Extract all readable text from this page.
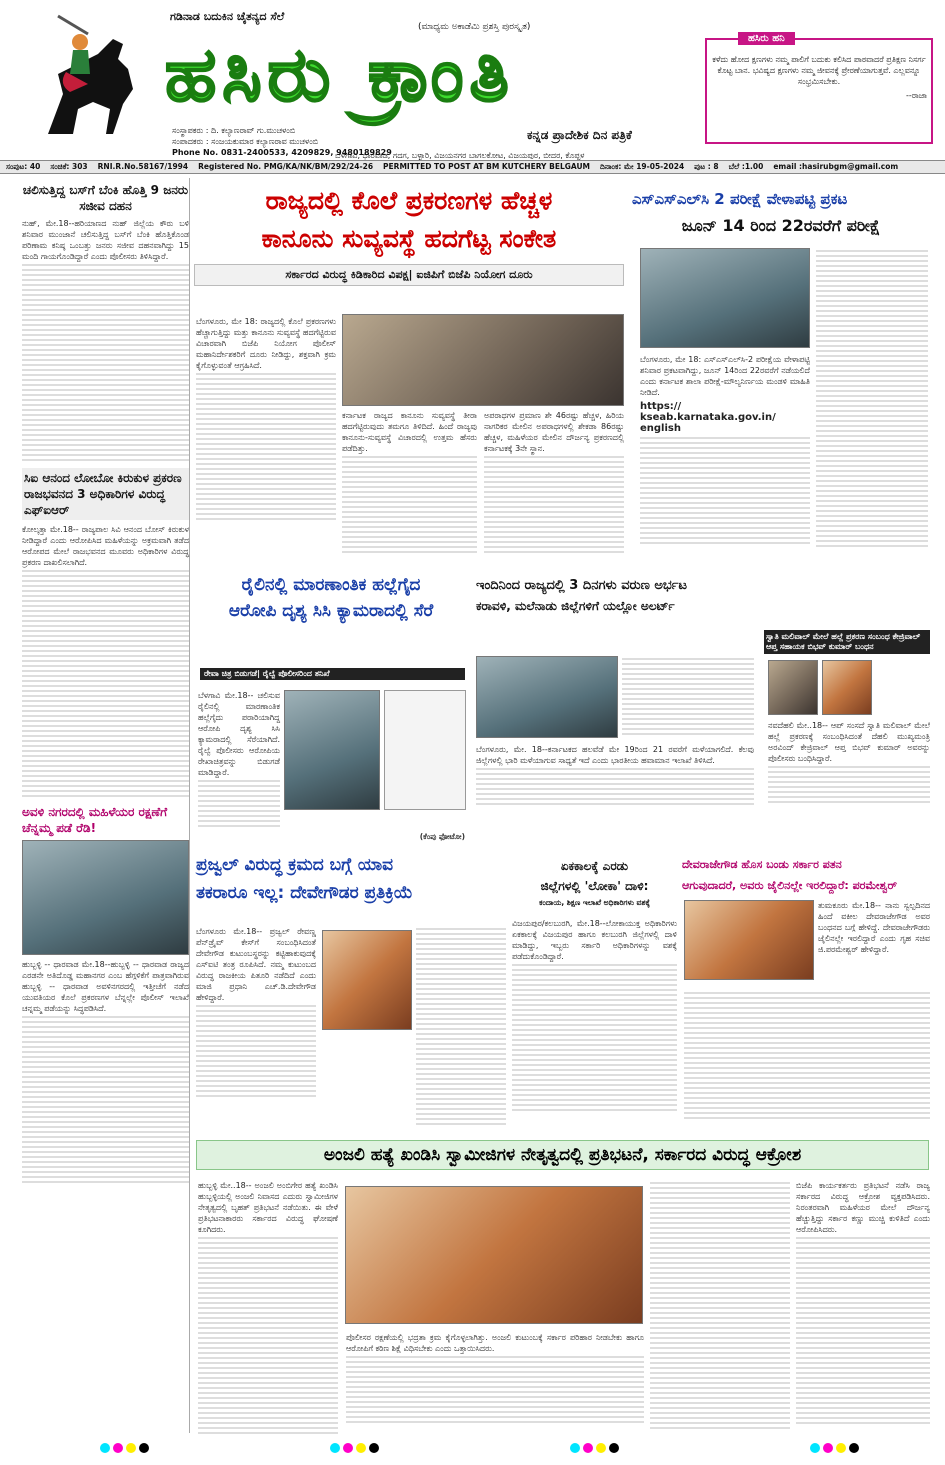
ಗಡಿನಾಡ ಬದುಕಿನ ಚೈತನ್ಯದ ಸೆಲೆ
(ಮಾಧ್ಯಮ ಅಕಾಡೆಮಿ ಪ್ರಶಸ್ತಿ ಪುರಸ್ಕೃತ)
ಹಸಿರು ಕ್ರಾಂತಿ
ಸಂಸ್ಥಾಪಕರು : ದಿ. ಕಲ್ಯಾಣರಾವ್ ಗು.ಮುಚಳಂಬಿ
ಸಂಪಾದಕರು : ಸಂಜಯಕುಮಾರ ಕಲ್ಯಾಣರಾವ ಮುಚಳಂಬಿ
Phone No. 0831-2400533, 4209829, 9480189829
ಕನ್ನಡ ಪ್ರಾದೇಶಿಕ ದಿನ ಪತ್ರಿಕೆ
ಬೆಳಗಾವಿ, ಧಾರವಾಡ, ಗದಗ, ಬಳ್ಳಾರಿ, ವಿಜಯನಗರ ಬಾಗಲಕೋಟ, ವಿಜಯಪುರ, ಬೀದರ, ಕೊಪ್ಪಳ
ಕಳೆದು ಹೋದ ಕ್ಷಣಗಳು ನಮ್ಮ ಪಾಲಿಗೆ ಬದುಕು ಕಲಿಸಿದ ಪಾಠವಾದರೆ ಪ್ರತಿಕ್ಷಣ ನಿಸರ್ಗ ಕೊಟ್ಟ ಬಾನ. ಭವಿಷ್ಯದ ಕ್ಷಣಗಳು ನಮ್ಮ ಜೀವನಕ್ಕೆ ಪ್ರೇರಣೆಯಾಗುತ್ತವೆ. ಎಲ್ಲವನ್ನೂ ಸಂಭ್ರಮಿಸಬೇಕು.
--ರಾಜಾ
ಹಸಿರು ಹನಿ
ಸಂಪುಟ: 40 ಸಂಚಿಕೆ: 303 RNI.R.No.58167/1994 Registered No. PMG/KA/NK/BM/292/24-26 PERMITTED TO POST AT BM KUTCHERY BELGAUM ದಿನಾಂಕ: ಮೇ 19-05-2024 ಪುಟ : 8 ಬೆಲೆ :1.00 email :hasirubgm@gmail.com
ಚಲಿಸುತ್ತಿದ್ದ ಬಸ್‌ಗೆ ಬೆಂಕಿ ಹೊತ್ತಿ 9 ಜನರು ಸಜೀವ ದಹನ
ನುಹ್, ಮೇ.18--ಹರಿಯಾಣದ ನುಹ್ ಜಿಲ್ಲೆಯ ಕೌರು ಬಳಿ ಶನಿವಾರ ಮುಂಜಾನೆ ಚಲಿಸುತ್ತಿದ್ದ ಬಸ್‌ಗೆ ಬೆಂಕಿ ಹೊತ್ತಿಕೊಂಡ ಪರಿಣಾಮ ಕನಿಷ್ಠ ಒಂಬತ್ತು ಜನರು ಸಜೀವ ದಹನವಾಗಿದ್ದು 15 ಮಂದಿ ಗಾಯಗೊಂಡಿದ್ದಾರೆ ಎಂದು ಪೊಲೀಸರು ತಿಳಿಸಿದ್ದಾರೆ.
ಸಿಐ ಆನಂದ ಲೋಬೋ ಕಿರುಕುಳ ಪ್ರಕರಣ ರಾಜಭವನದ 3 ಅಧಿಕಾರಿಗಳ ವಿರುದ್ಧ ಎಫ್‌ಐಆರ್
ಕೋಲ್ಕತ್ತಾ ಮೇ.18-- ರಾಜ್ಯಪಾಲ ಸಿವಿ ಆನಂದ ಬೋಸ್ ಕಿರುಕುಳ ನೀಡಿದ್ದಾರೆ ಎಂದು ಆರೋಪಿಸಿದ ಮಹಿಳೆಯನ್ನು ಅಕ್ರಮವಾಗಿ ತಡೆದ ಆರೋಪದ ಮೇಲೆ ರಾಜಭವನದ ಮೂವರು ಅಧಿಕಾರಿಗಳ ವಿರುದ್ಧ ಪ್ರಕರಣ ದಾಖಲಿಸಲಾಗಿದೆ.
ಅವಳಿ ನಗರದಲ್ಲಿ ಮಹಿಳೆಯರ ರಕ್ಷಣೆಗೆ ಚೆನ್ನಮ್ಮ ಪಡೆ ರೆಡಿ!
ಹುಬ್ಬಳ್ಳಿ -- ಧಾರವಾಡ ಮೇ.18--ಹುಬ್ಬಳ್ಳಿ -- ಧಾರವಾಡ ರಾಜ್ಯದ ಎರಡನೇ ಅತಿದೊಡ್ಡ ಮಹಾನಗರ ಎಂಬ ಹೆಗ್ಗಳಿಕೆಗೆ ಪಾತ್ರವಾಗಿರುವ ಹುಬ್ಬಳ್ಳಿ -- ಧಾರವಾಡ ಅವಳಿನಗರದಲ್ಲಿ ಇತ್ತೀಚೆಗೆ ನಡೆದ ಯುವತಿಯರ ಕೊಲೆ ಪ್ರಕರಣಗಳ ಬೆನ್ನಲ್ಲೇ ಪೊಲೀಸ್ ಇಲಾಖೆ ಚನ್ನಮ್ಮ ಪಡೆಯನ್ನು ಸಿದ್ಧಪಡಿಸಿದೆ.
ರಾಜ್ಯದಲ್ಲಿ ಕೊಲೆ ಪ್ರಕರಣಗಳ ಹೆಚ್ಚಳ
ಕಾನೂನು ಸುವ್ಯವಸ್ಥೆ ಹದಗೆಟ್ಟ ಸಂಕೇತ
ಸರ್ಕಾರದ ವಿರುದ್ಧ ಕಿಡಿಕಾರಿದ ವಿಪಕ್ಷ| ಐಜಿಪಿಗೆ ಬಿಜೆಪಿ ನಿಯೋಗ ದೂರು
ಬೆಂಗಳೂರು, ಮೇ 18: ರಾಜ್ಯದಲ್ಲಿ ಕೊಲೆ ಪ್ರಕರಣಗಳು ಹೆಚ್ಚಾಗುತ್ತಿದ್ದು ಮತ್ತು ಕಾನೂನು ಸುವ್ಯವಸ್ಥೆ ಹದಗೆಟ್ಟಿರುವ ವಿಚಾರವಾಗಿ ಬಿಜೆಪಿ ನಿಯೋಗ ಪೊಲೀಸ್ ಮಹಾನಿರ್ದೇಶಕರಿಗೆ ದೂರು ನೀಡಿದ್ದು, ಶಕ್ತವಾಗಿ ಕ್ರಮ ಕೈಗೊಳ್ಳುವಂತೆ ಆಗ್ರಹಿಸಿದೆ.
ಕರ್ನಾಟಕ ರಾಜ್ಯದ ಕಾನೂನು ಸುವ್ಯವಸ್ಥೆ ತೀರಾ ಹದಗೆಟ್ಟಿರುವುದು ತಮಗೂ ತಿಳಿದಿದೆ. ಹಿಂದೆ ರಾಜ್ಯವು ಕಾನೂನು-ಸುವ್ಯವಸ್ಥೆ ವಿಚಾರದಲ್ಲಿ ಉತ್ತಮ ಹೆಸರು ಪಡೆದಿತ್ತು.
ಅಪರಾಧಗಳ ಪ್ರಮಾಣ ಶೇ 46ರಷ್ಟು ಹೆಚ್ಚಳ, ಹಿರಿಯ ನಾಗರಿಕರ ಮೇಲಿನ ಅಪರಾಧಗಳಲ್ಲಿ ಶೇಕಡಾ 86ರಷ್ಟು ಹೆಚ್ಚಳ, ಮಹಿಳೆಯರ ಮೇಲಿನ ದೌರ್ಜನ್ಯ ಪ್ರಕರಣದಲ್ಲಿ ಕರ್ನಾಟಕಕ್ಕೆ 3ನೇ ಸ್ಥಾನ.
ರೈಲಿನಲ್ಲಿ ಮಾರಣಾಂತಿಕ ಹಲ್ಲೆಗೈದ
ಆರೋಪಿ ದೃಶ್ಯ ಸಿಸಿ ಕ್ಯಾಮರಾದಲ್ಲಿ ಸೆರೆ
ರೇವಾ ಚಿತ್ರ ಬಿಡುಗಡೆ| ರೈಲ್ವೆ ಪೊಲೀಸರಿಂದ ತನಿಖೆ
ಬೆಳಗಾವಿ ಮೇ.18-- ಚಲಿಸುವ ರೈಲಿನಲ್ಲಿ ಮಾರಣಾಂತಿಕ ಹಲ್ಲೆಗೈದು ಪರಾರಿಯಾಗಿದ್ದ ಆರೋಪಿ ದೃಶ್ಯ ಸಿಸಿ ಕ್ಯಾಮರಾದಲ್ಲಿ ಸೆರೆಯಾಗಿದೆ. ರೈಲ್ವೆ ಪೊಲೀಸರು ಆರೋಪಿಯ ರೇಖಾಚಿತ್ರವನ್ನು ಬಿಡುಗಡೆ ಮಾಡಿದ್ದಾರೆ.
(ಕೆಂಪು ಫೋಟೋ)
ಪ್ರಜ್ವಲ್ ವಿರುದ್ಧ ಕ್ರಮದ ಬಗ್ಗೆ ಯಾವ
ತಕರಾರೂ ಇಲ್ಲ: ದೇವೇಗೌಡರ ಪ್ರತಿಕ್ರಿಯೆ
ಬೆಂಗಳೂರು ಮೇ.18-- ಪ್ರಜ್ವಲ್ ರೇವಣ್ಣ ಪೆನ್‌ಡ್ರೈವ್ ಕೇಸ್‌ಗೆ ಸಂಬಂಧಿಸಿದಂತೆ ದೇವೇಗೌಡ ಕುಟುಂಬಸ್ಥರನ್ನು ಕಟ್ಟಿಹಾಕುವುದಕ್ಕೆ ಎಸ್‌ಐಟಿ ತಂತ್ರ ರೂಪಿಸಿದೆ. ನಮ್ಮ ಕುಟುಂಬದ ವಿರುದ್ಧ ರಾಜಕೀಯ ಪಿತೂರಿ ನಡೆದಿದೆ ಎಂದು ಮಾಜಿ ಪ್ರಧಾನಿ ಎಚ್.ಡಿ.ದೇವೇಗೌಡ ಹೇಳಿದ್ದಾರೆ.
ಎಸ್‌ಎಸ್‌ಎಲ್‌ಸಿ 2 ಪರೀಕ್ಷೆ ವೇಳಾಪಟ್ಟಿ ಪ್ರಕಟ
ಜೂನ್ 14 ರಿಂದ 22ರವರೆಗೆ ಪರೀಕ್ಷೆ
ಬೆಂಗಳೂರು, ಮೇ 18: ಎಸ್‌ಎಸ್‌ಎಲ್‌ಸಿ-2 ಪರೀಕ್ಷೆಯ ವೇಳಾಪಟ್ಟಿ ಶನಿವಾರ ಪ್ರಕಟವಾಗಿದ್ದು, ಜೂನ್ 14ರಿಂದ 22ರವರೆಗೆ ನಡೆಯಲಿದೆ ಎಂದು ಕರ್ನಾಟಕ ಶಾಲಾ ಪರೀಕ್ಷೆ-ಮೌಲ್ಯನಿರ್ಣಯ ಮಂಡಳಿ ಮಾಹಿತಿ ನೀಡಿದೆ.
https:// kseab.karnataka.gov.in/ english
ಇಂದಿನಿಂದ ರಾಜ್ಯದಲ್ಲಿ 3 ದಿನಗಳು ವರುಣ ಅರ್ಭಟ
ಕರಾವಳಿ, ಮಲೆನಾಡು ಜಿಲ್ಲೆಗಳಿಗೆ ಯಲ್ಲೋ ಅಲರ್ಟ್
ಬೆಂಗಳೂರು, ಮೇ. 18--ಕರ್ನಾಟಕದ ಹಲವೆಡೆ ಮೇ 19ರಿಂದ 21 ರವರೆಗೆ ಮಳೆಯಾಗಲಿದೆ. ಕೆಲವು ಜಿಲ್ಲೆಗಳಲ್ಲಿ ಭಾರಿ ಮಳೆಯಾಗುವ ಸಾಧ್ಯತೆ ಇದೆ ಎಂದು ಭಾರತೀಯ ಹವಾಮಾನ ಇಲಾಖೆ ತಿಳಿಸಿದೆ.
ಸ್ವಾತಿ ಮಲಿವಾಲ್ ಮೇಲೆ ಹಲ್ಲೆ ಪ್ರಕರಣ ಸಂಬಂಧ ಕೇಜ್ರಿವಾಲ್ ಆಪ್ತ ಸಹಾಯಕ ಬಿಭವ್ ಕುಮಾರ್ ಬಂಧನ
ನವದೆಹಲಿ ಮೇ..18-- ಆಪ್ ಸಂಸದೆ ಸ್ವಾತಿ ಮಲಿವಾಲ್ ಮೇಲೆ ಹಲ್ಲೆ ಪ್ರಕರಣಕ್ಕೆ ಸಂಬಂಧಿಸಿದಂತೆ ದೆಹಲಿ ಮುಖ್ಯಮಂತ್ರಿ ಅರವಿಂದ್ ಕೇಜ್ರಿವಾಲ್ ಆಪ್ತ ಬಿಭವ್ ಕುಮಾರ್ ಅವರನ್ನು ಪೊಲೀಸರು ಬಂಧಿಸಿದ್ದಾರೆ.
ಏಕಕಾಲಕ್ಕೆ ಎರಡು
ಜಿಲ್ಲೆಗಳಲ್ಲಿ 'ಲೋಕಾ' ದಾಳಿ:
ಕಂದಾಯ, ಶಿಕ್ಷಣ ಇಲಾಖೆ ಅಧಿಕಾರಿಗಳು ವಶಕ್ಕೆ
ವಿಜಯಪುರ/ಕಲಬುರಗಿ, ಮೇ.18--ಲೋಕಾಯುಕ್ತ ಅಧಿಕಾರಿಗಳು ಏಕಕಾಲಕ್ಕೆ ವಿಜಯಪುರ ಹಾಗೂ ಕಲಬುರಗಿ ಜಿಲ್ಲೆಗಳಲ್ಲಿ ದಾಳಿ ಮಾಡಿದ್ದು, ಇಬ್ಬರು ಸರ್ಕಾರಿ ಅಧಿಕಾರಿಗಳನ್ನು ವಶಕ್ಕೆ ಪಡೆದುಕೊಂಡಿದ್ದಾರೆ.
ದೇವರಾಜೇಗೌಡ ಹೊಸ ಬಂಡು ಸರ್ಕಾರ ಪತನ
ಆಗುವುದಾದರೆ, ಅವರು ಜೈಲಿನಲ್ಲೇ ಇರಲಿದ್ದಾರೆ: ಪರಮೇಶ್ವರ್
ತುಮಕೂರು ಮೇ.18-- ನಾನು ಸ್ವಲ್ಪದಿನದ ಹಿಂದೆ ವಕೀಲ ದೇವರಾಜೇಗೌಡ ಅವರ ಬಂಧನದ ಬಗ್ಗೆ ಹೇಳಿದ್ದೆ. ದೇವರಾಜೇಗೌಡರು ಜೈಲಿನಲ್ಲೇ ಇರಲಿದ್ದಾರೆ ಎಂದು ಗೃಹ ಸಚಿವ ಜಿ.ಪರಮೇಶ್ವರ್ ಹೇಳಿದ್ದಾರೆ.
ಅಂಜಲಿ ಹತ್ಯೆ ಖಂಡಿಸಿ ಸ್ವಾಮೀಜಿಗಳ ನೇತೃತ್ವದಲ್ಲಿ ಪ್ರತಿಭಟನೆ, ಸರ್ಕಾರದ ವಿರುದ್ಧ ಆಕ್ರೋಶ
ಹುಬ್ಬಳ್ಳಿ ಮೇ..18-- ಅಂಜಲಿ ಅಂಬಿಗೇರ ಹತ್ಯೆ ಖಂಡಿಸಿ ಹುಬ್ಬಳ್ಳಿಯಲ್ಲಿ ಅಂಜಲಿ ನಿವಾಸದ ಎದುರು ಸ್ವಾಮೀಜಿಗಳ ನೇತೃತ್ವದಲ್ಲಿ ಬೃಹತ್ ಪ್ರತಿಭಟನೆ ನಡೆಯಿತು. ಈ ವೇಳೆ ಪ್ರತಿಭಟನಾಕಾರರು ಸರ್ಕಾರದ ವಿರುದ್ಧ ಘೋಷಣೆ ಕೂಗಿದರು.
ಪೊಲೀಸರ ರಕ್ಷಣೆಯಲ್ಲಿ ಭದ್ರತಾ ಕ್ರಮ ಕೈಗೊಳ್ಳಲಾಗಿತ್ತು. ಅಂಜಲಿ ಕುಟುಂಬಕ್ಕೆ ಸರ್ಕಾರ ಪರಿಹಾರ ನೀಡಬೇಕು ಹಾಗೂ ಆರೋಪಿಗೆ ಕಠಿಣ ಶಿಕ್ಷೆ ವಿಧಿಸಬೇಕು ಎಂದು ಒತ್ತಾಯಿಸಿದರು.
ಬಿಜೆಪಿ ಕಾರ್ಯಕರ್ತರು ಪ್ರತಿಭಟನೆ ನಡೆಸಿ ರಾಜ್ಯ ಸರ್ಕಾರದ ವಿರುದ್ಧ ಆಕ್ರೋಶ ವ್ಯಕ್ತಪಡಿಸಿದರು. ನಿರಂತರವಾಗಿ ಮಹಿಳೆಯರ ಮೇಲೆ ದೌರ್ಜನ್ಯ ಹೆಚ್ಚುತ್ತಿದ್ದು ಸರ್ಕಾರ ಕಣ್ಣು ಮುಚ್ಚಿ ಕುಳಿತಿದೆ ಎಂದು ಆರೋಪಿಸಿದರು.
